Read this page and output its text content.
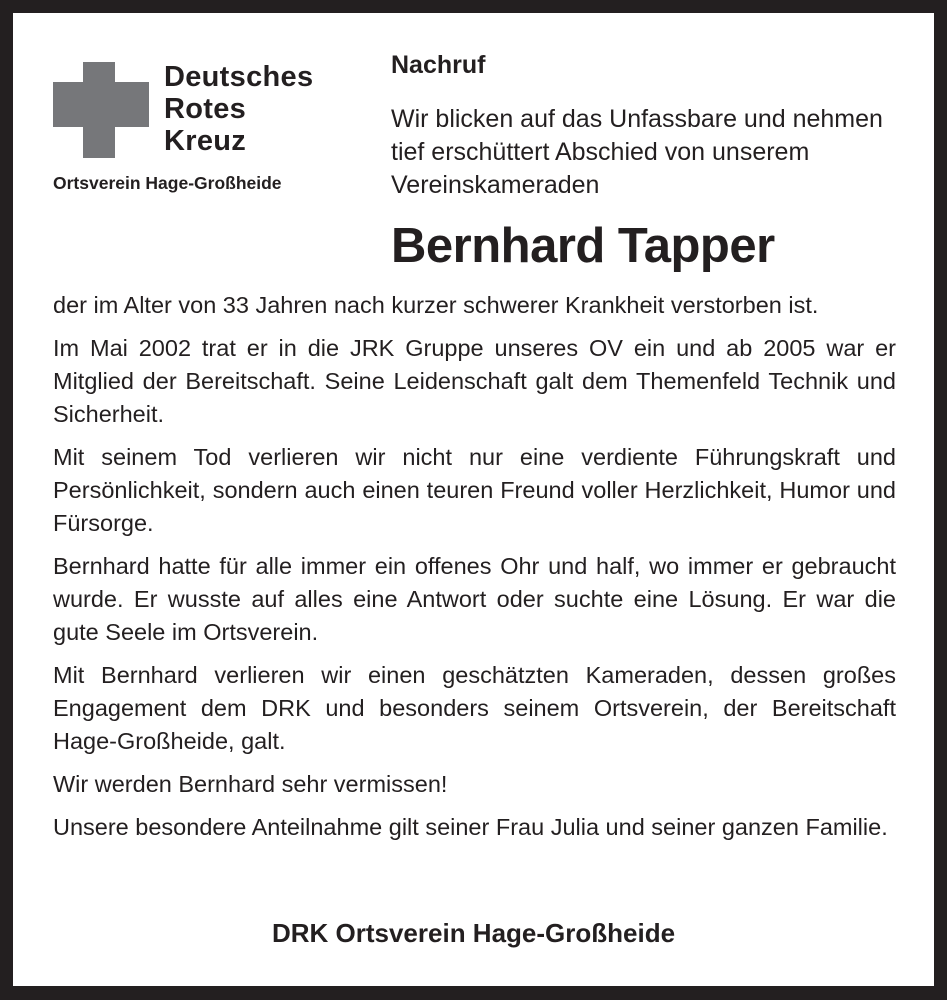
Deutsches
Rotes
Kreuz
Ortsverein Hage-Großheide
Nachruf
Wir blicken auf das Unfassbare und nehmen tief erschüttert Abschied von unserem Vereinskameraden
Bernhard Tapper

der im Alter von 33 Jahren nach kurzer schwerer Krankheit verstorben ist.

Im Mai 2002 trat er in die JRK Gruppe unseres OV ein und ab 2005 war er Mitglied der Bereitschaft. Seine Leidenschaft galt dem Themenfeld Technik und Sicherheit.

Mit seinem Tod verlieren wir nicht nur eine verdiente Führungskraft und Persönlichkeit, sondern auch einen teuren Freund voller Herzlichkeit, Humor und Fürsorge.

Bernhard hatte für alle immer ein offenes Ohr und half, wo immer er gebraucht wurde. Er wusste auf alles eine Antwort oder suchte eine Lösung. Er war die gute Seele im Ortsverein.

Mit Bernhard verlieren wir einen geschätzten Kameraden, dessen großes Engagement dem DRK und besonders seinem Ortsverein, der Bereitschaft Hage-Großheide, galt.

Wir werden Bernhard sehr vermissen!

Unsere besondere Anteilnahme gilt seiner Frau Julia und seiner ganzen Familie.

DRK Ortsverein Hage-Großheide
